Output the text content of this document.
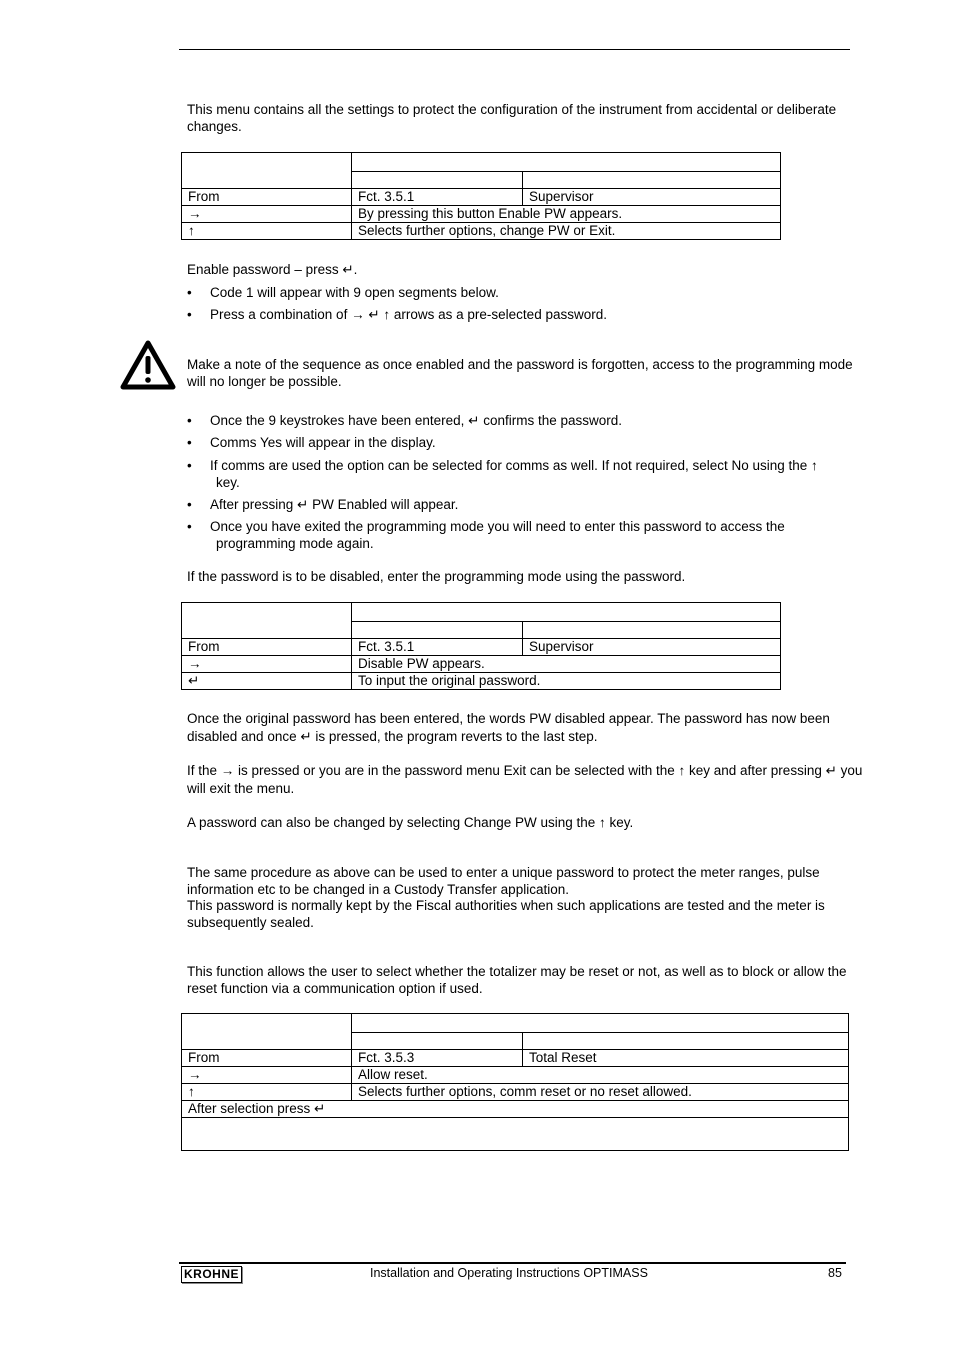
This menu contains all the settings to protect the configuration of the instrument from accidental or deliberate changes.

From	Fct. 3.5.1	Supervisor
→	By pressing this button Enable PW appears.	
↑	Selects further options, change PW or Exit.	
Enable password – press ↵.
•	Code 1 will appear with 9 open segments below.
•	Press a combination of → ↵ ↑ arrows as a pre-selected password.
Make a note of the sequence as once enabled and the password is forgotten, access to the programming mode will no longer be possible.
•	Once the 9 keystrokes have been entered, ↵ confirms the password.
•	Comms Yes will appear in the display.
•	If comms are used the option can be selected for comms as well. If not required, select No using the ↑
key.
•	After pressing ↵ PW Enabled will appear.
•	Once you have exited the programming mode you will need to enter this password to access the
programming mode again.
If the password is to be disabled, enter the programming mode using the password.

From	Fct. 3.5.1	Supervisor
→	Disable PW appears.	
↵	To input the original password.	
Once the original password has been entered, the words PW disabled appear. The password has now been disabled and once ↵ is pressed, the program reverts to the last step.
If the → is pressed or you are in the password menu Exit can be selected with the ↑ key and after pressing ↵ you will exit the menu.
A password can also be changed by selecting Change PW using the ↑ key.
The same procedure as above can be used to enter a unique password to protect the meter ranges, pulse information etc to be changed in a Custody Transfer application.
This password is normally kept by the Fiscal authorities when such applications are tested and the meter is subsequently sealed.
This function allows the user to select whether the totalizer may be reset or not, as well as to block or allow the reset function via a communication option if used.

From	Fct. 3.5.3	Total Reset
→	Allow reset.	
↑	Selects further options, comm reset or no reset allowed.	
After selection press ↵		

KROHNE	Installation and Operating Instructions OPTIMASS	85
